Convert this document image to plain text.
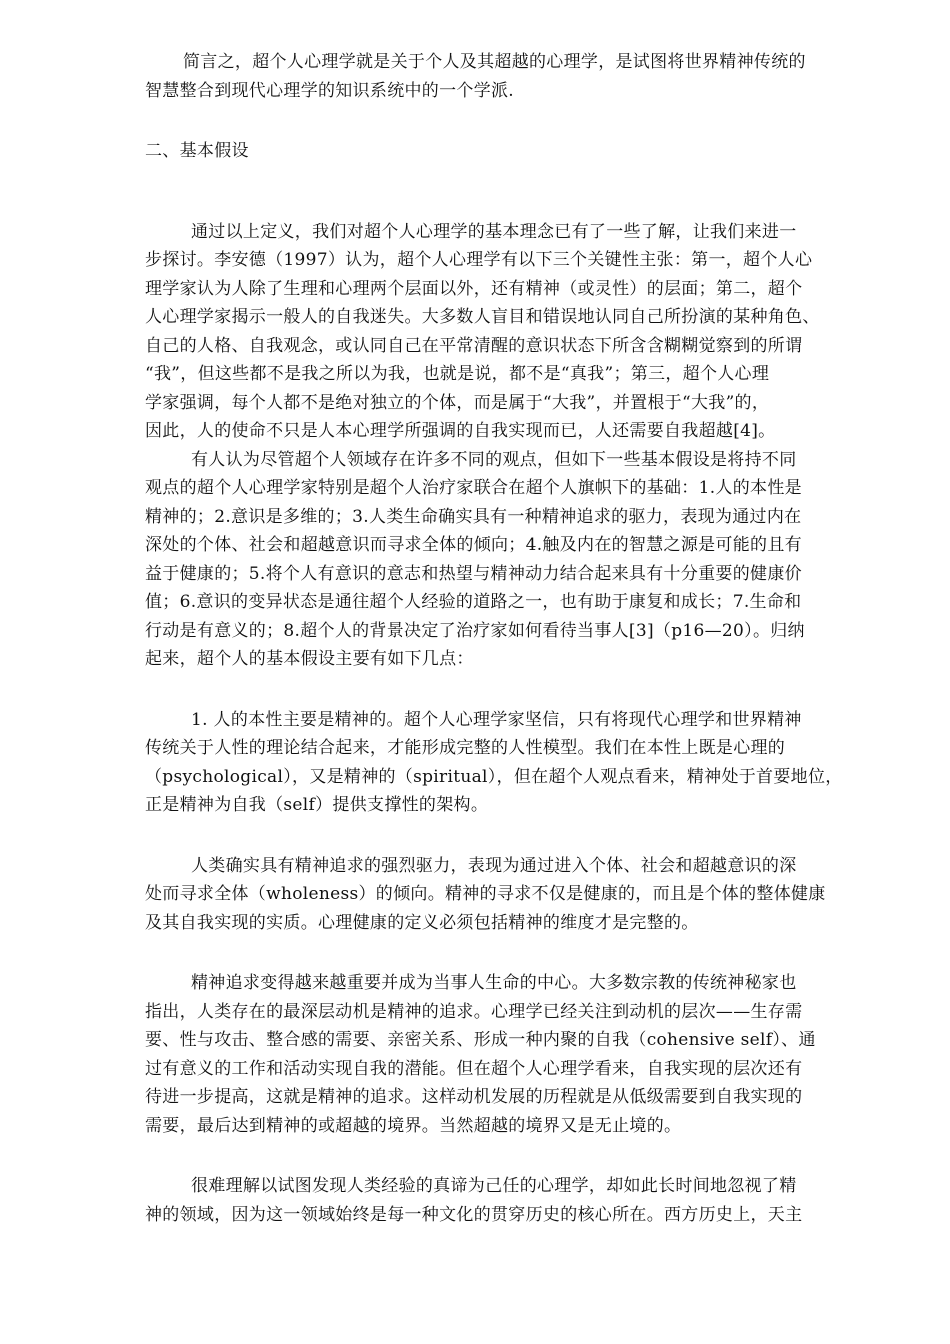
简言之，超个人心理学就是关于个人及其超越的心理学，是试图将世界精神传统的
智慧整合到现代心理学的知识系统中的一个学派.
二、基本假设
通过以上定义，我们对超个人心理学的基本理念已有了一些了解，让我们来进一
步探讨。李安德（1997）认为，超个人心理学有以下三个关键性主张：第一，超个人心
理学家认为人除了生理和心理两个层面以外，还有精神（或灵性）的层面；第二，超个
人心理学家揭示一般人的自我迷失。大多数人盲目和错误地认同自己所扮演的某种角色、
自己的人格、自我观念，或认同自己在平常清醒的意识状态下所含含糊糊觉察到的所谓
“我”，但这些都不是我之所以为我，也就是说，都不是“真我”；第三，超个人心理
学家强调，每个人都不是绝对独立的个体，而是属于“大我”，并置根于“大我”的，
因此，人的使命不只是人本心理学所强调的自我实现而已，人还需要自我超越[4]。
有人认为尽管超个人领域存在许多不同的观点，但如下一些基本假设是将持不同
观点的超个人心理学家特别是超个人治疗家联合在超个人旗帜下的基础：1.人的本性是
精神的；2.意识是多维的；3.人类生命确实具有一种精神追求的驱力，表现为通过内在
深处的个体、社会和超越意识而寻求全体的倾向；4.触及内在的智慧之源是可能的且有
益于健康的；5.将个人有意识的意志和热望与精神动力结合起来具有十分重要的健康价
值；6.意识的变异状态是通往超个人经验的道路之一，也有助于康复和成长；7.生命和
行动是有意义的；8.超个人的背景决定了治疗家如何看待当事人[3]（p16—20）。归纳
起来，超个人的基本假设主要有如下几点：
1. 人的本性主要是精神的。超个人心理学家坚信，只有将现代心理学和世界精神
传统关于人性的理论结合起来，才能形成完整的人性模型。我们在本性上既是心理的
（psychological），又是精神的（spiritual），但在超个人观点看来，精神处于首要地位，
正是精神为自我（self）提供支撑性的架构。
人类确实具有精神追求的强烈驱力，表现为通过进入个体、社会和超越意识的深
处而寻求全体（wholeness）的倾向。精神的寻求不仅是健康的，而且是个体的整体健康
及其自我实现的实质。心理健康的定义必须包括精神的维度才是完整的。
精神追求变得越来越重要并成为当事人生命的中心。大多数宗教的传统神秘家也
指出，人类存在的最深层动机是精神的追求。心理学已经关注到动机的层次——生存需
要、性与攻击、整合感的需要、亲密关系、形成一种内聚的自我（cohensive self）、通
过有意义的工作和活动实现自我的潜能。但在超个人心理学看来，自我实现的层次还有
待进一步提高，这就是精神的追求。这样动机发展的历程就是从低级需要到自我实现的
需要，最后达到精神的或超越的境界。当然超越的境界又是无止境的。
很难理解以试图发现人类经验的真谛为己任的心理学，却如此长时间地忽视了精
神的领域，因为这一领域始终是每一种文化的贯穿历史的核心所在。西方历史上，天主
